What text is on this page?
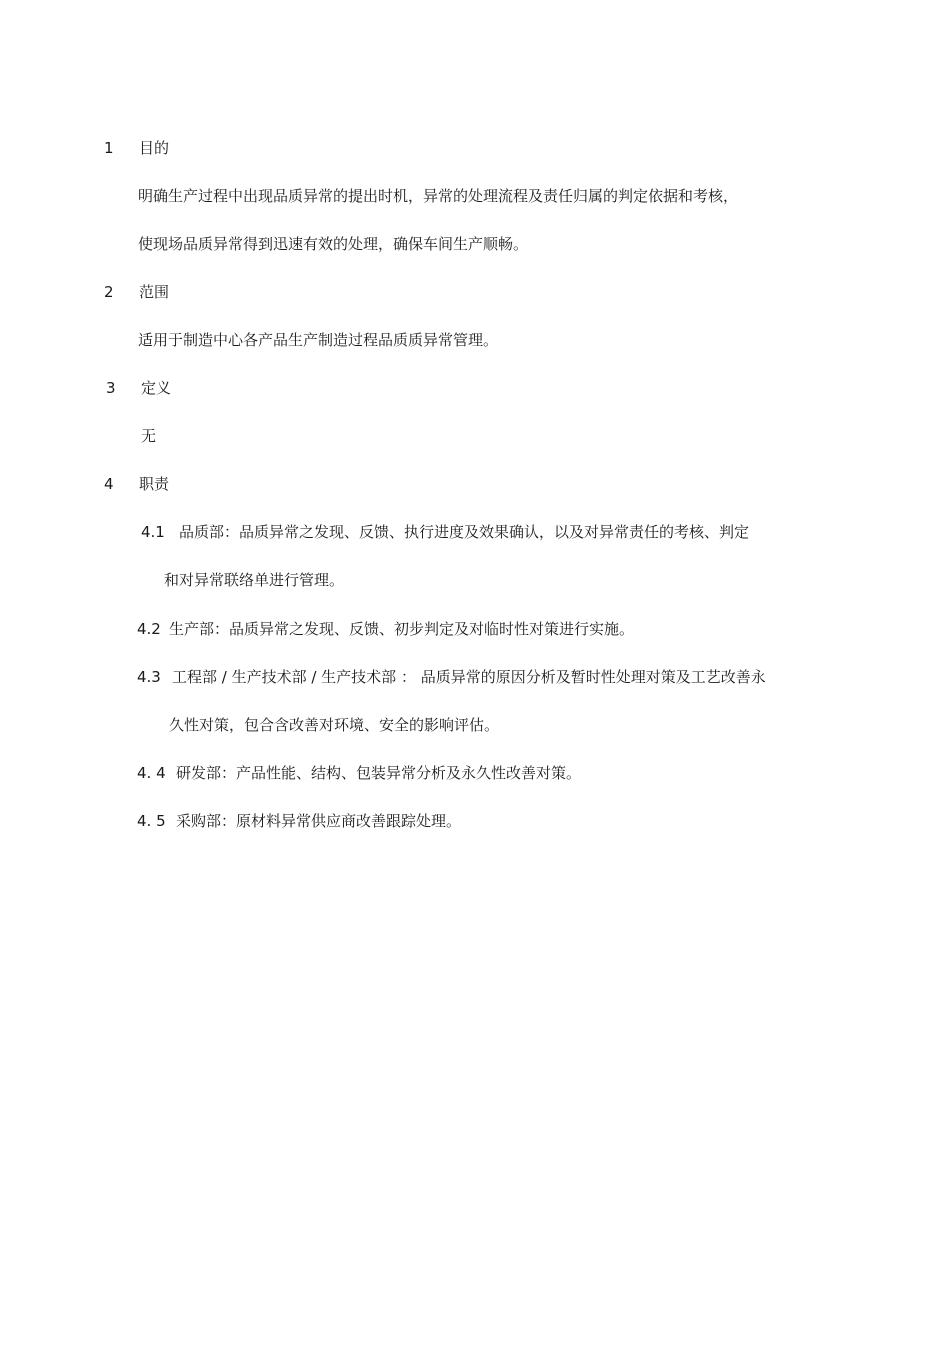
1 目的
明确生产过程中出现品质异常的提出时机，异常的处理流程及责任归属的判定依据和考核，
使现场品质异常得到迅速有效的处理，确保车间生产顺畅。
2 范围
适用于制造中心各产品生产制造过程品质质异常管理。
3 定义
无
4 职责
4.1 品质部：品质异常之发现、反馈、执行进度及效果确认，以及对异常责任的考核、判定
和对异常联络单进行管理。
4.2 生产部：品质异常之发现、反馈、初步判定及对临时性对策进行实施。
4.3 工程部 / 生产技术部 / 生产技术部 ： 品质异常的原因分析及暂时性处理对策及工艺改善永
久性对策，包合含改善对环境、安全的影响评估。
4. 4 研发部：产品性能、结构、包装异常分析及永久性改善对策。
4. 5 采购部：原材料异常供应商改善跟踪处理。
